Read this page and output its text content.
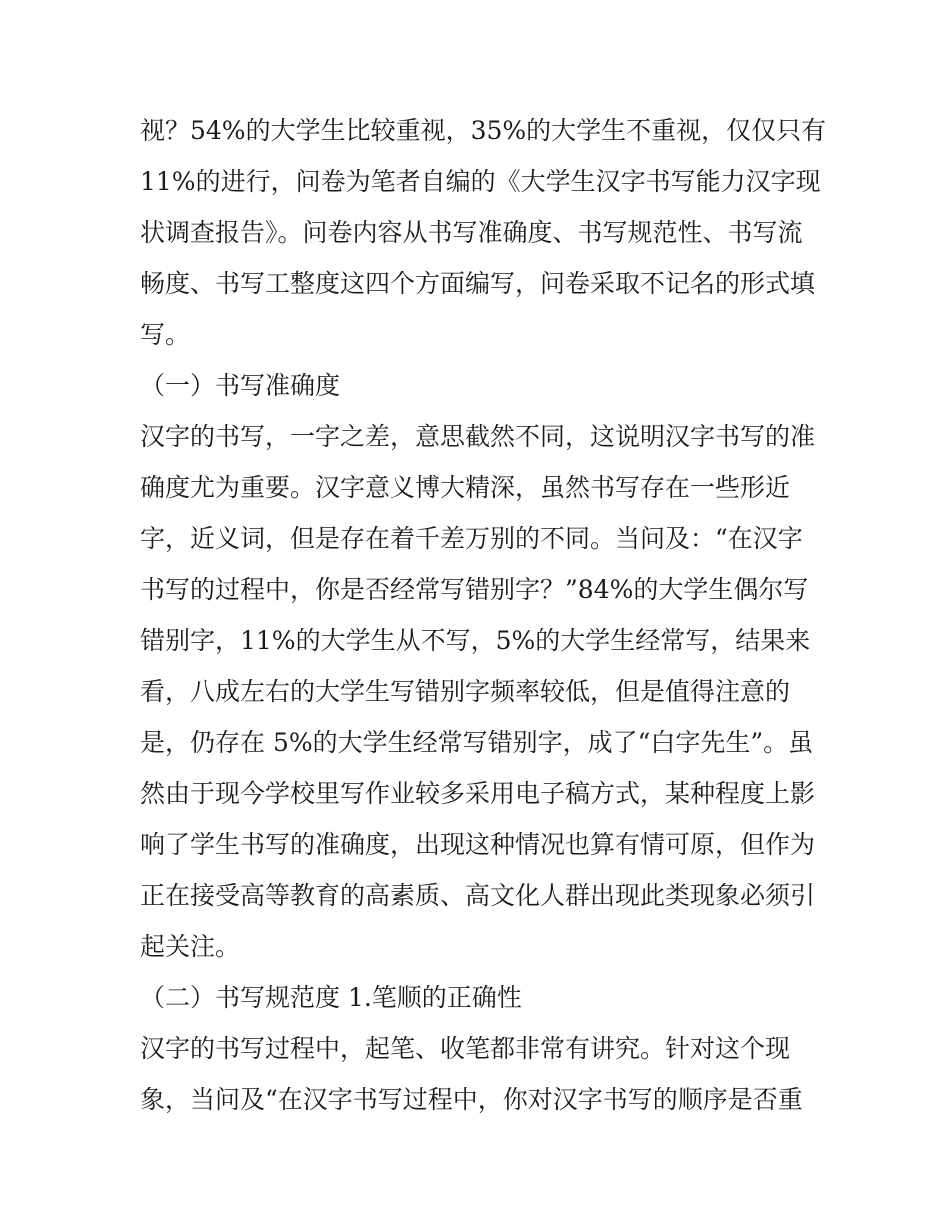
视？54%的大学生比较重视，35%的大学生不重视，仅仅只有
11%的进行，问卷为笔者自编的《大学生汉字书写能力汉字现
状调查报告》。问卷内容从书写准确度、书写规范性、书写流
畅度、书写工整度这四个方面编写，问卷采取不记名的形式填
写。
（一）书写准确度
汉字的书写，一字之差，意思截然不同，这说明汉字书写的准
确度尤为重要。汉字意义博大精深，虽然书写存在一些形近
字，近义词，但是存在着千差万别的不同。当问及：“在汉字
书写的过程中，你是否经常写错别字？”84%的大学生偶尔写
错别字，11%的大学生从不写，5%的大学生经常写，结果来
看，八成左右的大学生写错别字频率较低，但是值得注意的
是，仍存在 5%的大学生经常写错别字，成了“白字先生”。虽
然由于现今学校里写作业较多采用电子稿方式，某种程度上影
响了学生书写的准确度，出现这种情况也算有情可原，但作为
正在接受高等教育的高素质、高文化人群出现此类现象必须引
起关注。
（二）书写规范度 1.笔顺的正确性
汉字的书写过程中，起笔、收笔都非常有讲究。针对这个现
象，当问及“在汉字书写过程中，你对汉字书写的顺序是否重
